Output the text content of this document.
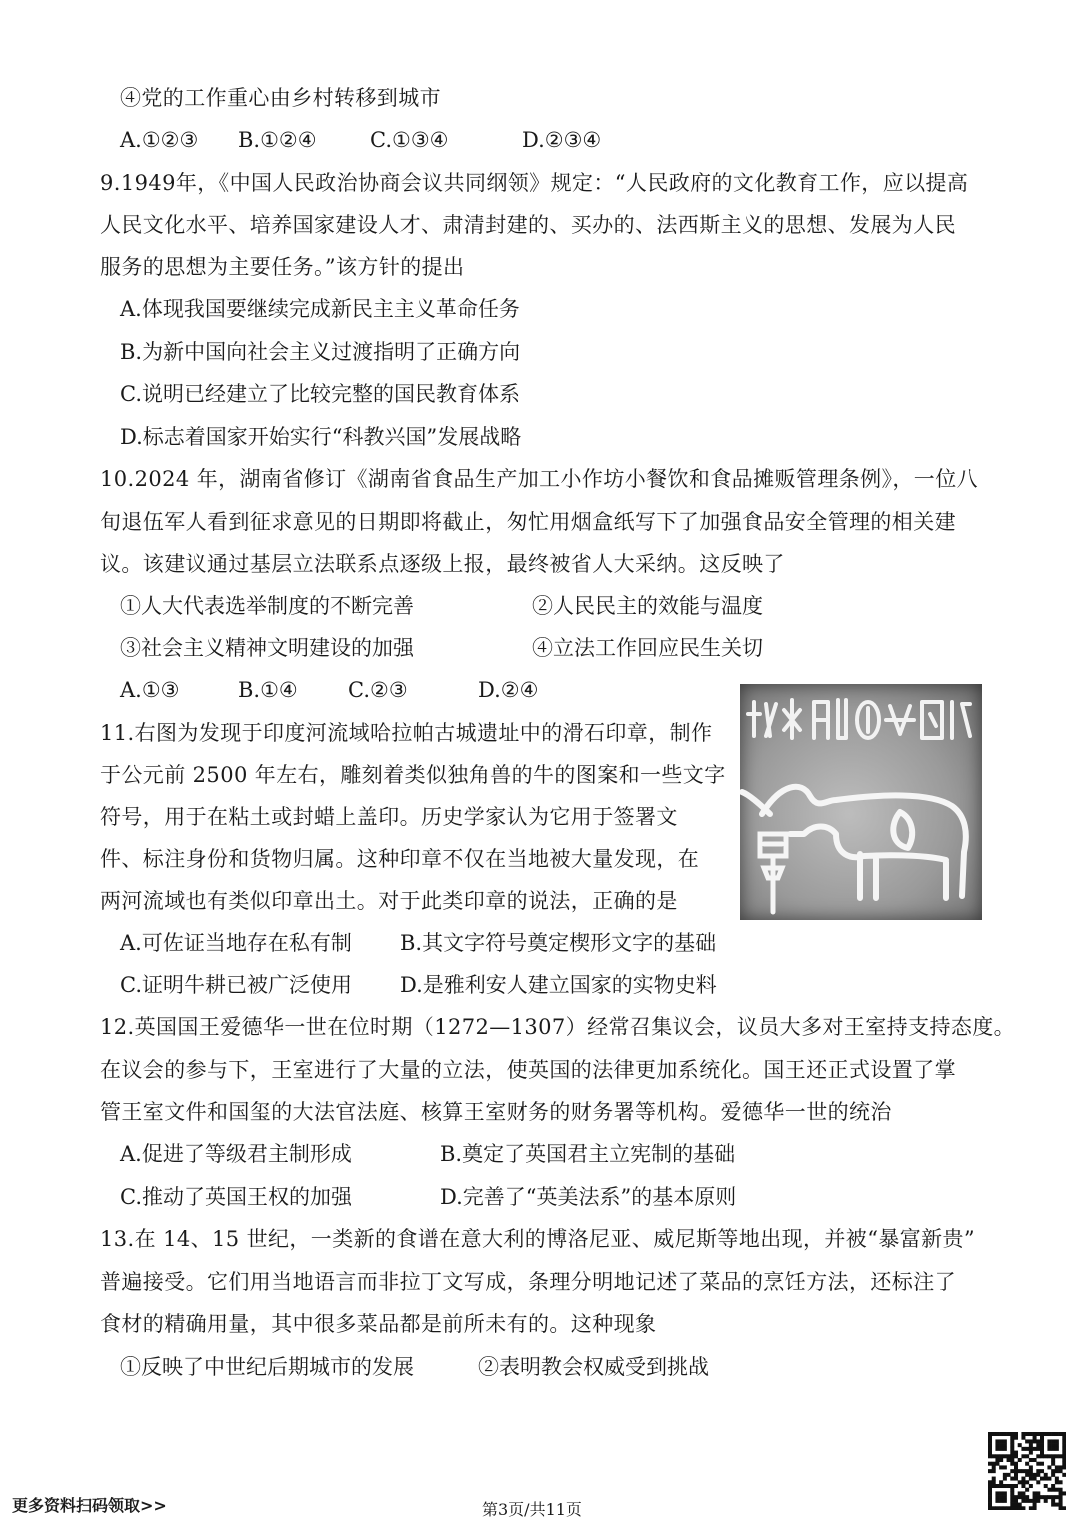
④党的工作重心由乡村转移到城市
A.①②③ B.①②④	C.①③④	D.②③④
9.1949年，《中国人民政治协商会议共同纲领》规定：“人民政府的文化教育工作，应以提高
人民文化水平、培养国家建设人才、肃清封建的、买办的、法西斯主义的思想、发展为人民
服务的思想为主要任务。”该方针的提出
A.体现我国要继续完成新民主主义革命任务
B.为新中国向社会主义过渡指明了正确方向
C.说明已经建立了比较完整的国民教育体系
D.标志着国家开始实行“科教兴国”发展战略
10.2024 年，湖南省修订《湖南省食品生产加工小作坊小餐饮和食品摊贩管理条例》，一位八
旬退伍军人看到征求意见的日期即将截止，匆忙用烟盒纸写下了加强食品安全管理的相关建
议。该建议通过基层立法联系点逐级上报，最终被省人大采纳。这反映了
①人大代表选举制度的不断完善	②人民民主的效能与温度
③社会主义精神文明建设的加强	④立法工作回应民生关切
A.①③	B.①④ C.②③	D.②④
11.右图为发现于印度河流域哈拉帕古城遗址中的滑石印章，制作
于公元前 2500 年左右，雕刻着类似独角兽的牛的图案和一些文字
符号，用于在粘土或封蜡上盖印。历史学家认为它用于签署文
件、标注身份和货物归属。这种印章不仅在当地被大量发现，在
两河流域也有类似印章出土。对于此类印章的说法，正确的是
A.可佐证当地存在私有制 B.其文字符号奠定楔形文字的基础
C.证明牛耕已被广泛使用 D.是雅利安人建立国家的实物史料
12.英国国王爱德华一世在位时期（1272—1307）经常召集议会，议员大多对王室持支持态度。
在议会的参与下，王室进行了大量的立法，使英国的法律更加系统化。国王还正式设置了掌
管王室文件和国玺的大法官法庭、核算王室财务的财务署等机构。爱德华一世的统治
A.促进了等级君主制形成	B.奠定了英国君主立宪制的基础
C.推动了英国王权的加强	D.完善了“英美法系”的基本原则
13.在 14、15 世纪，一类新的食谱在意大利的博洛尼亚、威尼斯等地出现，并被“暴富新贵”
普遍接受。它们用当地语言而非拉丁文写成，条理分明地记述了菜品的烹饪方法，还标注了
食材的精确用量，其中很多菜品都是前所未有的。这种现象
①反映了中世纪后期城市的发展	②表明教会权威受到挑战
更多资料扫码领取>>	第3页/共11页
